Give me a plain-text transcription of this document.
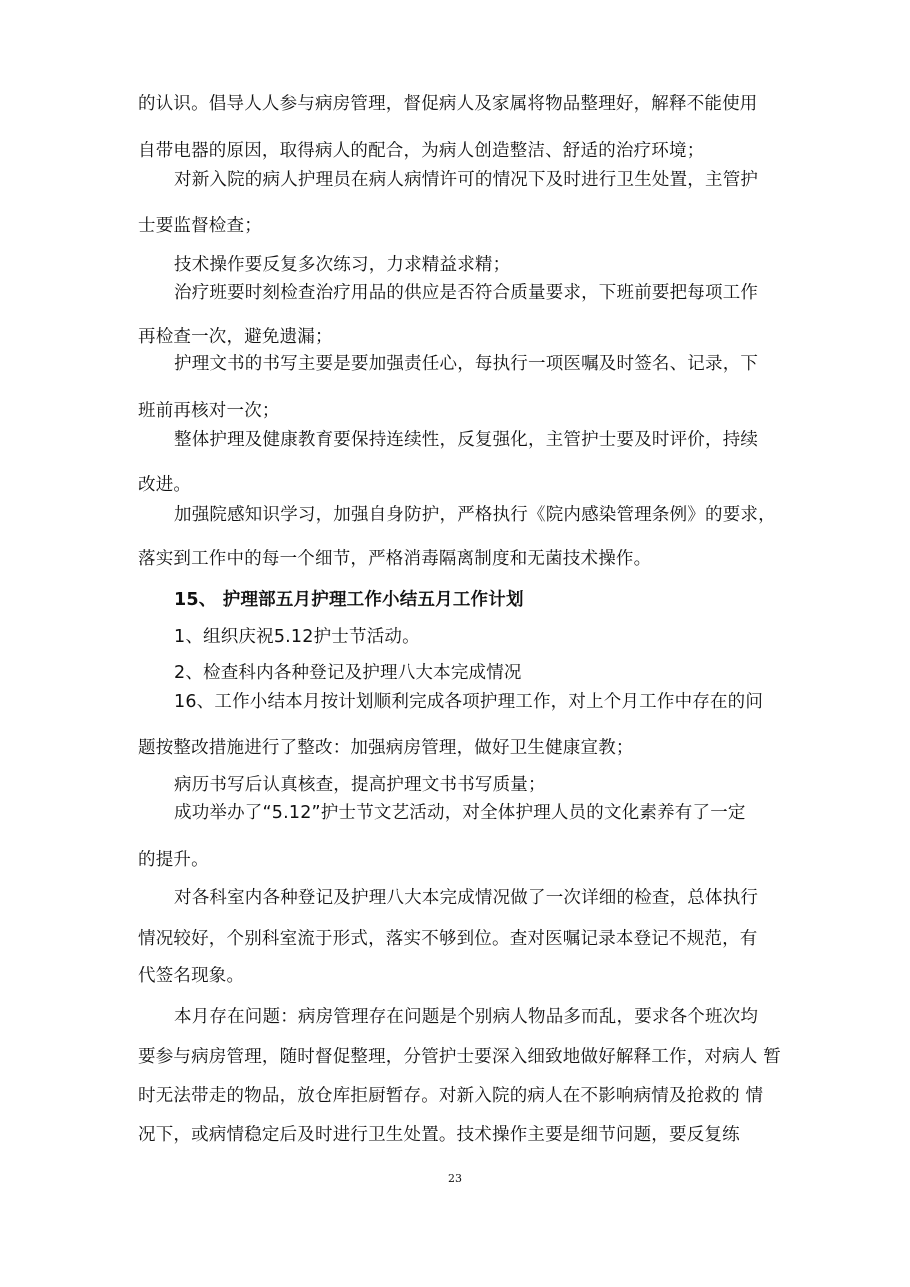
的认识。倡导人人参与病房管理，督促病人及家属将物品整理好，解释不能使用
自带电器的原因，取得病人的配合，为病人创造整洁、舒适的治疗环境；
对新入院的病人护理员在病人病情许可的情况下及时进行卫生处置，主管护
士要监督检查；
技术操作要反复多次练习，力求精益求精；
治疗班要时刻检查治疗用品的供应是否符合质量要求，下班前要把每项工作
再检查一次，避免遗漏；
护理文书的书写主要是要加强责任心，每执行一项医嘱及时签名、记录，下
班前再核对一次；
整体护理及健康教育要保持连续性，反复强化，主管护士要及时评价，持续
改进。
加强院感知识学习，加强自身防护，严格执行《院内感染管理条例》的要求，
落实到工作中的每一个细节，严格消毒隔离制度和无菌技术操作。
15、 护理部五月护理工作小结五月工作计划
1、组织庆祝5.12护士节活动。
2、检查科内各种登记及护理八大本完成情况
16、工作小结本月按计划顺利完成各项护理工作，对上个月工作中存在的问
题按整改措施进行了整改：加强病房管理，做好卫生健康宣教；
病历书写后认真核查，提高护理文书书写质量；
成功举办了“5.12”护士节文艺活动，对全体护理人员的文化素养有了一定
的提升。
对各科室内各种登记及护理八大本完成情况做了一次详细的检查，总体执行
情况较好，个别科室流于形式，落实不够到位。查对医嘱记录本登记不规范，有
代签名现象。
本月存在问题：病房管理存在问题是个别病人物品多而乱，要求各个班次均
要参与病房管理，随时督促整理，分管护士要深入细致地做好解释工作，对病人 暂
时无法带走的物品，放仓库拒厨暂存。对新入院的病人在不影响病情及抢救的 情
况下，或病情稳定后及时进行卫生处置。技术操作主要是细节问题，要反复练
23
